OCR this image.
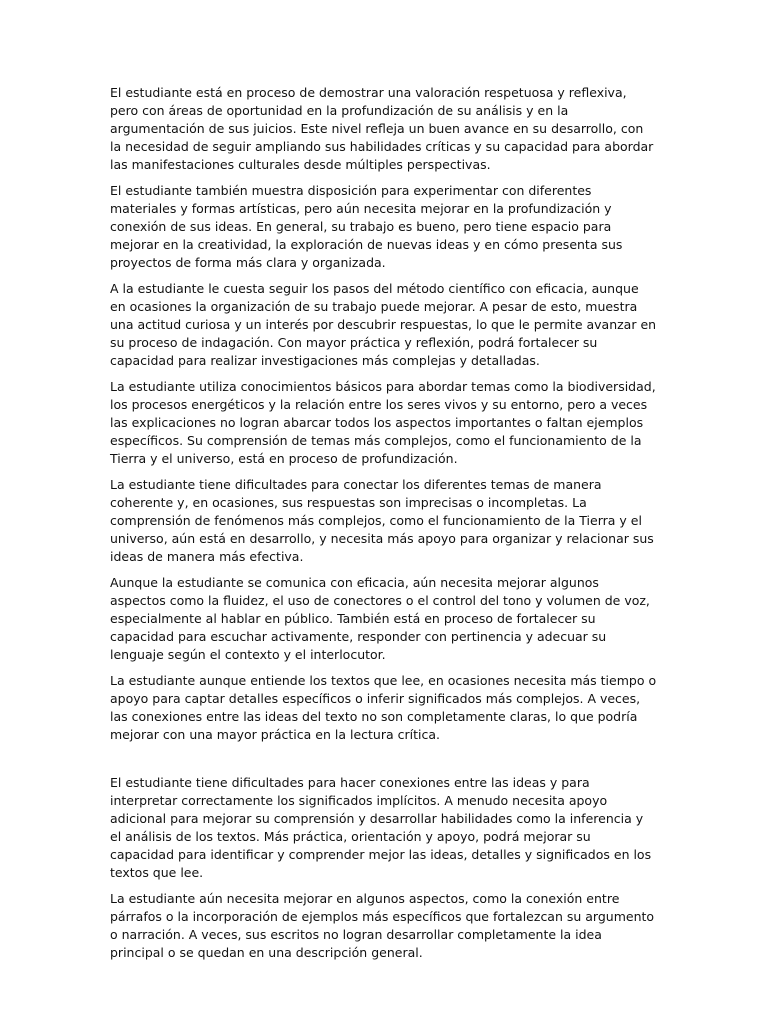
El estudiante está en proceso de demostrar una valoración respetuosa y reflexiva, pero con áreas de oportunidad en la profundización de su análisis y en la argumentación de sus juicios. Este nivel refleja un buen avance en su desarrollo, con la necesidad de seguir ampliando sus habilidades críticas y su capacidad para abordar las manifestaciones culturales desde múltiples perspectivas.

El estudiante también muestra disposición para experimentar con diferentes materiales y formas artísticas, pero aún necesita mejorar en la profundización y conexión de sus ideas. En general, su trabajo es bueno, pero tiene espacio para mejorar en la creatividad, la exploración de nuevas ideas y en cómo presenta sus proyectos de forma más clara y organizada.

A la estudiante le cuesta seguir los pasos del método científico con eficacia, aunque en ocasiones la organización de su trabajo puede mejorar. A pesar de esto, muestra una actitud curiosa y un interés por descubrir respuestas, lo que le permite avanzar en su proceso de indagación. Con mayor práctica y reflexión, podrá fortalecer su capacidad para realizar investigaciones más complejas y detalladas.

La estudiante utiliza conocimientos básicos para abordar temas como la biodiversidad, los procesos energéticos y la relación entre los seres vivos y su entorno, pero a veces las explicaciones no logran abarcar todos los aspectos importantes o faltan ejemplos específicos. Su comprensión de temas más complejos, como el funcionamiento de la Tierra y el universo, está en proceso de profundización.

La estudiante tiene dificultades para conectar los diferentes temas de manera coherente y, en ocasiones, sus respuestas son imprecisas o incompletas. La comprensión de fenómenos más complejos, como el funcionamiento de la Tierra y el universo, aún está en desarrollo, y necesita más apoyo para organizar y relacionar sus ideas de manera más efectiva.

Aunque la estudiante se comunica con eficacia, aún necesita mejorar algunos aspectos como la fluidez, el uso de conectores o el control del tono y volumen de voz, especialmente al hablar en público. También está en proceso de fortalecer su capacidad para escuchar activamente, responder con pertinencia y adecuar su lenguaje según el contexto y el interlocutor.

La estudiante aunque entiende los textos que lee, en ocasiones necesita más tiempo o apoyo para captar detalles específicos o inferir significados más complejos. A veces, las conexiones entre las ideas del texto no son completamente claras, lo que podría mejorar con una mayor práctica en la lectura crítica.

El estudiante tiene dificultades para hacer conexiones entre las ideas y para interpretar correctamente los significados implícitos. A menudo necesita apoyo adicional para mejorar su comprensión y desarrollar habilidades como la inferencia y el análisis de los textos. Más práctica, orientación y apoyo, podrá mejorar su capacidad para identificar y comprender mejor las ideas, detalles y significados en los textos que lee.

La estudiante aún necesita mejorar en algunos aspectos, como la conexión entre párrafos o la incorporación de ejemplos más específicos que fortalezcan su argumento o narración. A veces, sus escritos no logran desarrollar completamente la idea principal o se quedan en una descripción general.
